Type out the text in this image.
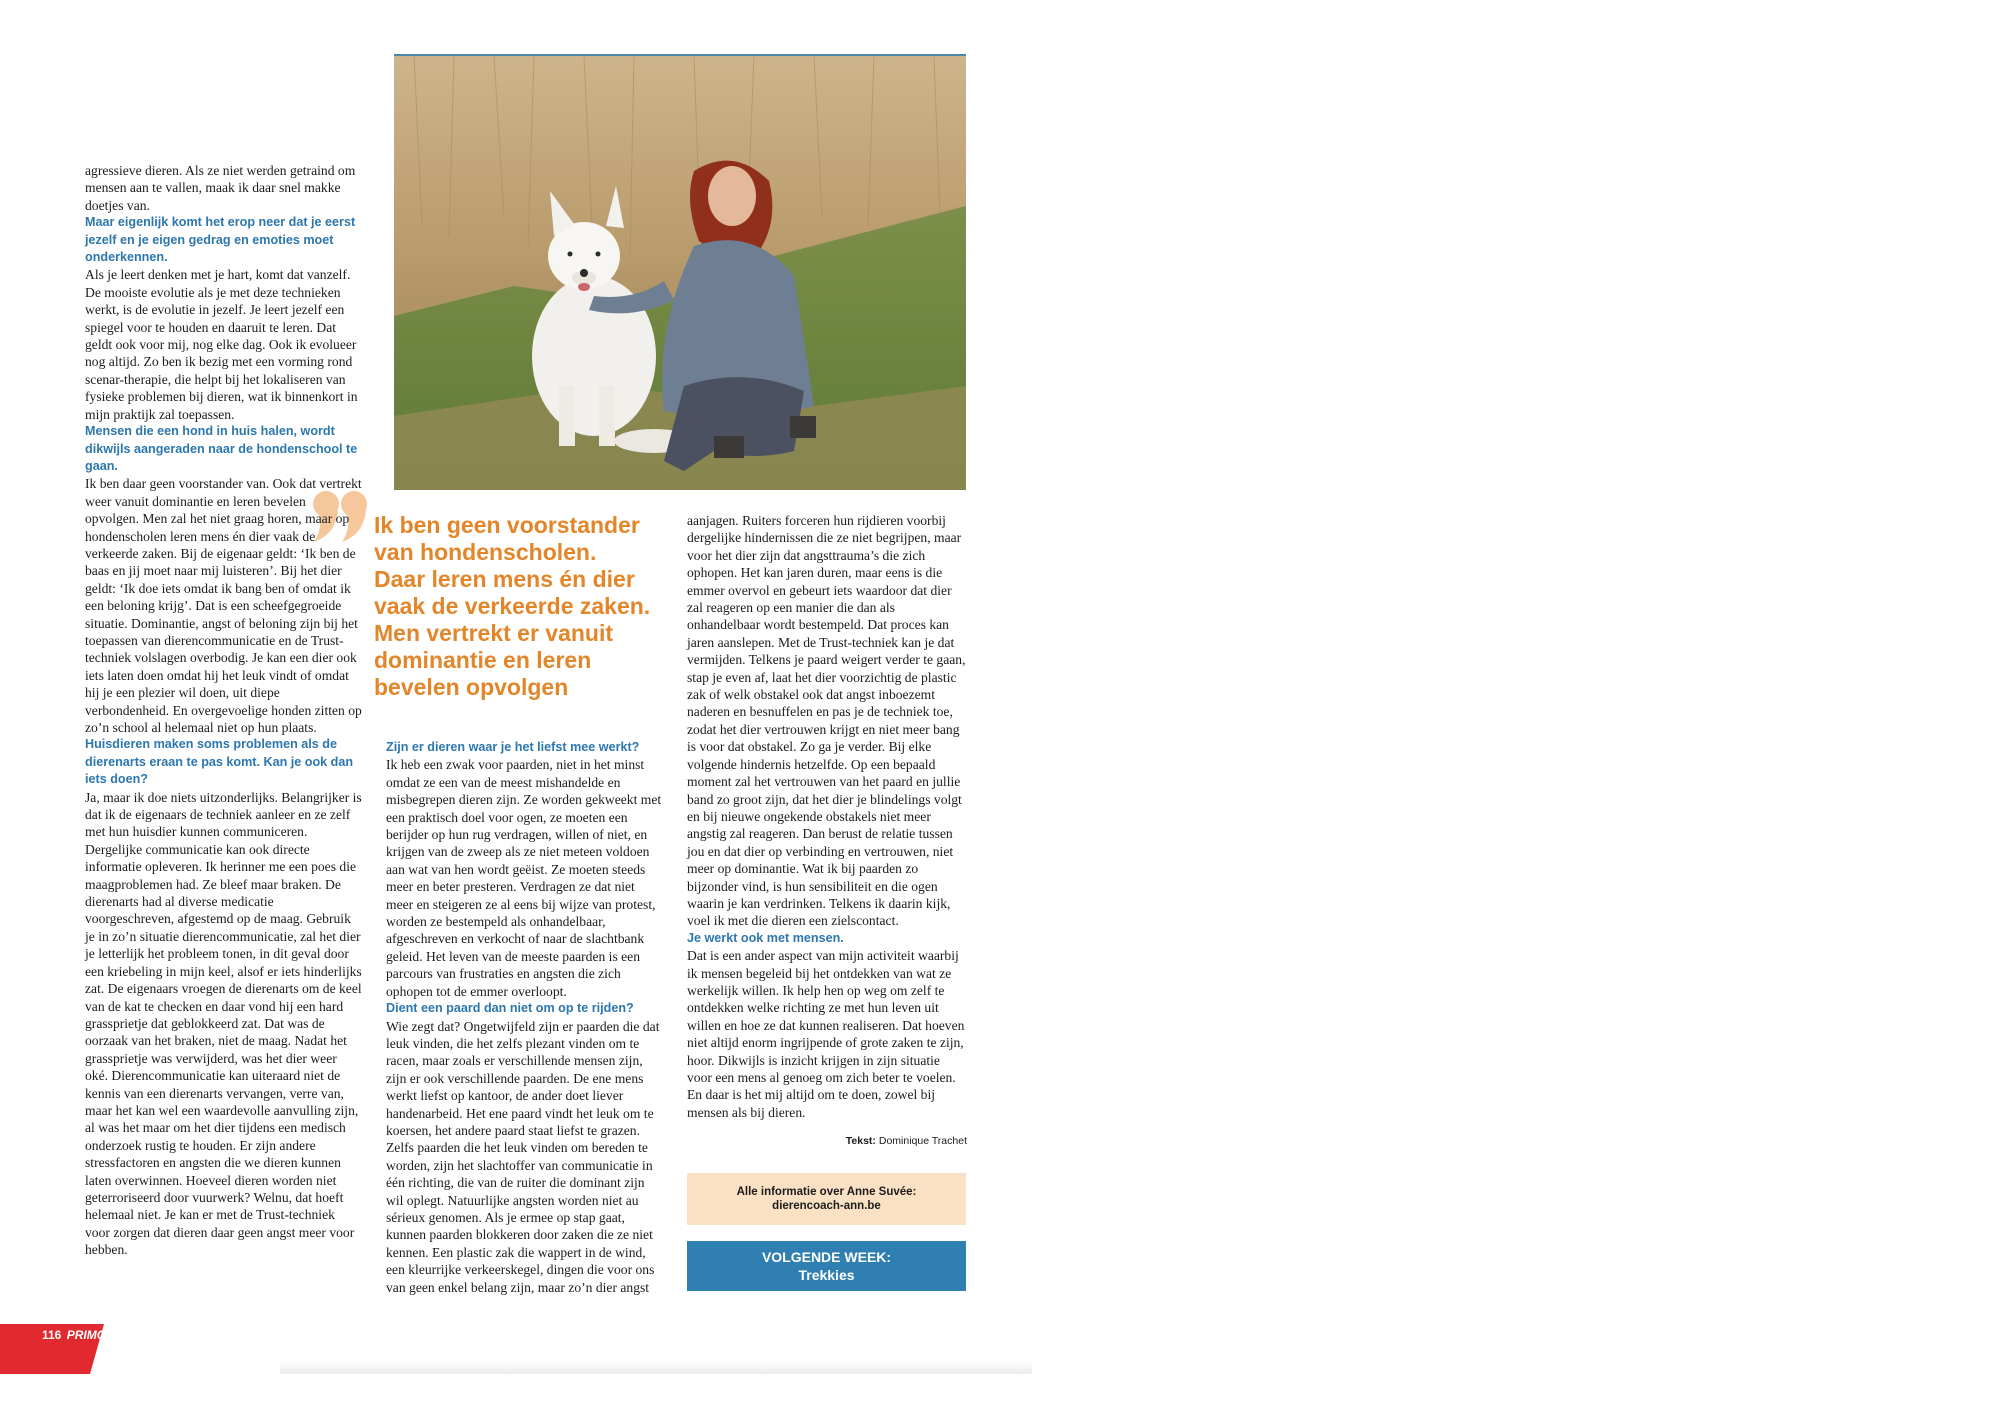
Ik ben geen voorstander
van hondenscholen.
Daar leren mens én dier
vaak de verkeerde zaken.
Men vertrekt er vanuit
dominantie en leren
bevelen opvolgen

agressieve dieren. Als ze niet werden getraind om mensen aan te vallen, maak ik daar snel makke doetjes van.

Maar eigenlijk komt het erop neer dat je eerst jezelf en je eigen gedrag en emoties moet onderkennen.

Als je leert denken met je hart, komt dat vanzelf. De mooiste evolutie als je met deze technieken werkt, is de evolutie in jezelf. Je leert jezelf een spiegel voor te houden en daaruit te leren. Dat geldt ook voor mij, nog elke dag. Ook ik evolueer nog altijd. Zo ben ik bezig met een vorming rond scenar-therapie, die helpt bij het lokaliseren van fysieke problemen bij dieren, wat ik binnenkort in mijn praktijk zal toepassen.

Mensen die een hond in huis halen, wordt dikwijls aangeraden naar de hondenschool te gaan.

Ik ben daar geen voorstander van. Ook dat vertrekt weer vanuit dominantie en leren bevelen opvolgen. Men zal het niet graag horen, maar op hondenscholen leren mens én dier vaak de verkeerde zaken. Bij de eigenaar geldt: ‘Ik ben de baas en jij moet naar mij luisteren’. Bij het dier geldt: ‘Ik doe iets omdat ik bang ben of omdat ik een beloning krijg’. Dat is een scheefgegroeide situatie. Dominantie, angst of beloning zijn bij het toepassen van dierencommunicatie en de Trust-techniek volslagen overbodig. Je kan een dier ook iets laten doen omdat hij het leuk vindt of omdat hij je een plezier wil doen, uit diepe verbondenheid. En overgevoelige honden zitten op zo’n school al helemaal niet op hun plaats.

Huisdieren maken soms problemen als de dierenarts eraan te pas komt. Kan je ook dan iets doen?

Ja, maar ik doe niets uitzonderlijks. Belangrijker is dat ik de eigenaars de techniek aanleer en ze zelf met hun huisdier kunnen communiceren. Dergelijke communicatie kan ook directe informatie opleveren. Ik herinner me een poes die maagproblemen had. Ze bleef maar braken. De dierenarts had al diverse medicatie voorgeschreven, afgestemd op de maag. Gebruik je in zo’n situatie dierencommunicatie, zal het dier je letterlijk het probleem tonen, in dit geval door een kriebeling in mijn keel, alsof er iets hinderlijks zat. De eigenaars vroegen de dierenarts om de keel van de kat te checken en daar vond hij een hard grassprietje dat geblokkeerd zat. Dat was de oorzaak van het braken, niet de maag. Nadat het grassprietje was verwijderd, was het dier weer oké. Dierencommunicatie kan uiteraard niet de kennis van een dierenarts vervangen, verre van, maar het kan wel een waardevolle aanvulling zijn, al was het maar om het dier tijdens een medisch onderzoek rustig te houden. Er zijn andere stressfactoren en angsten die we dieren kunnen laten overwinnen. Hoeveel dieren worden niet geterroriseerd door vuurwerk? Welnu, dat hoeft helemaal niet. Je kan er met de Trust-techniek voor zorgen dat dieren daar geen angst meer voor hebben.

Zijn er dieren waar je het liefst mee werkt?

Ik heb een zwak voor paarden, niet in het minst omdat ze een van de meest mishandelde en misbegrepen dieren zijn. Ze worden gekweekt met een praktisch doel voor ogen, ze moeten een berijder op hun rug verdragen, willen of niet, en krijgen van de zweep als ze niet meteen voldoen aan wat van hen wordt geëist. Ze moeten steeds meer en beter presteren. Verdragen ze dat niet meer en steigeren ze al eens bij wijze van protest, worden ze bestempeld als onhandelbaar, afgeschreven en verkocht of naar de slachtbank geleid. Het leven van de meeste paarden is een parcours van frustraties en angsten die zich ophopen tot de emmer overloopt.

Dient een paard dan niet om op te rijden?

Wie zegt dat? Ongetwijfeld zijn er paarden die dat leuk vinden, die het zelfs plezant vinden om te racen, maar zoals er verschillende mensen zijn, zijn er ook verschillende paarden. De ene mens werkt liefst op kantoor, de ander doet liever handenarbeid. Het ene paard vindt het leuk om te koersen, het andere paard staat liefst te grazen. Zelfs paarden die het leuk vinden om bereden te worden, zijn het slachtoffer van communicatie in één richting, die van de ruiter die dominant zijn wil oplegt. Natuurlijke angsten worden niet au sérieux genomen. Als je ermee op stap gaat, kunnen paarden blokkeren door zaken die ze niet kennen. Een plastic zak die wappert in de wind, een kleurrijke verkeerskegel, dingen die voor ons van geen enkel belang zijn, maar zo’n dier angst

aanjagen. Ruiters forceren hun rijdieren voorbij dergelijke hindernissen die ze niet begrijpen, maar voor het dier zijn dat angsttrauma’s die zich ophopen. Het kan jaren duren, maar eens is die emmer overvol en gebeurt iets waardoor dat dier zal reageren op een manier die dan als onhandelbaar wordt bestempeld. Dat proces kan jaren aanslepen. Met de Trust-techniek kan je dat vermijden. Telkens je paard weigert verder te gaan, stap je even af, laat het dier voorzichtig de plastic zak of welk obstakel ook dat angst inboezemt naderen en besnuffelen en pas je de techniek toe, zodat het dier vertrouwen krijgt en niet meer bang is voor dat obstakel. Zo ga je verder. Bij elke volgende hindernis hetzelfde. Op een bepaald moment zal het vertrouwen van het paard en jullie band zo groot zijn, dat het dier je blindelings volgt en bij nieuwe ongekende obstakels niet meer angstig zal reageren. Dan berust de relatie tussen jou en dat dier op verbinding en vertrouwen, niet meer op dominantie. Wat ik bij paarden zo bijzonder vind, is hun sensibiliteit en die ogen waarin je kan verdrinken. Telkens ik daarin kijk, voel ik met die dieren een zielscontact.

Je werkt ook met mensen.

Dat is een ander aspect van mijn activiteit waarbij ik mensen begeleid bij het ontdekken van wat ze werkelijk willen. Ik help hen op weg om zelf te ontdekken welke richting ze met hun leven uit willen en hoe ze dat kunnen realiseren. Dat hoeven niet altijd enorm ingrijpende of grote zaken te zijn, hoor. Dikwijls is inzicht krijgen in zijn situatie voor een mens al genoeg om zich beter te voelen. En daar is het mij altijd om te doen, zowel bij mensen als bij dieren.

Tekst: Dominique Trachet

Alle informatie over Anne Suvée:
dierencoach-ann.be
VOLGENDE WEEK:
Trekkies
116 PRIMO
